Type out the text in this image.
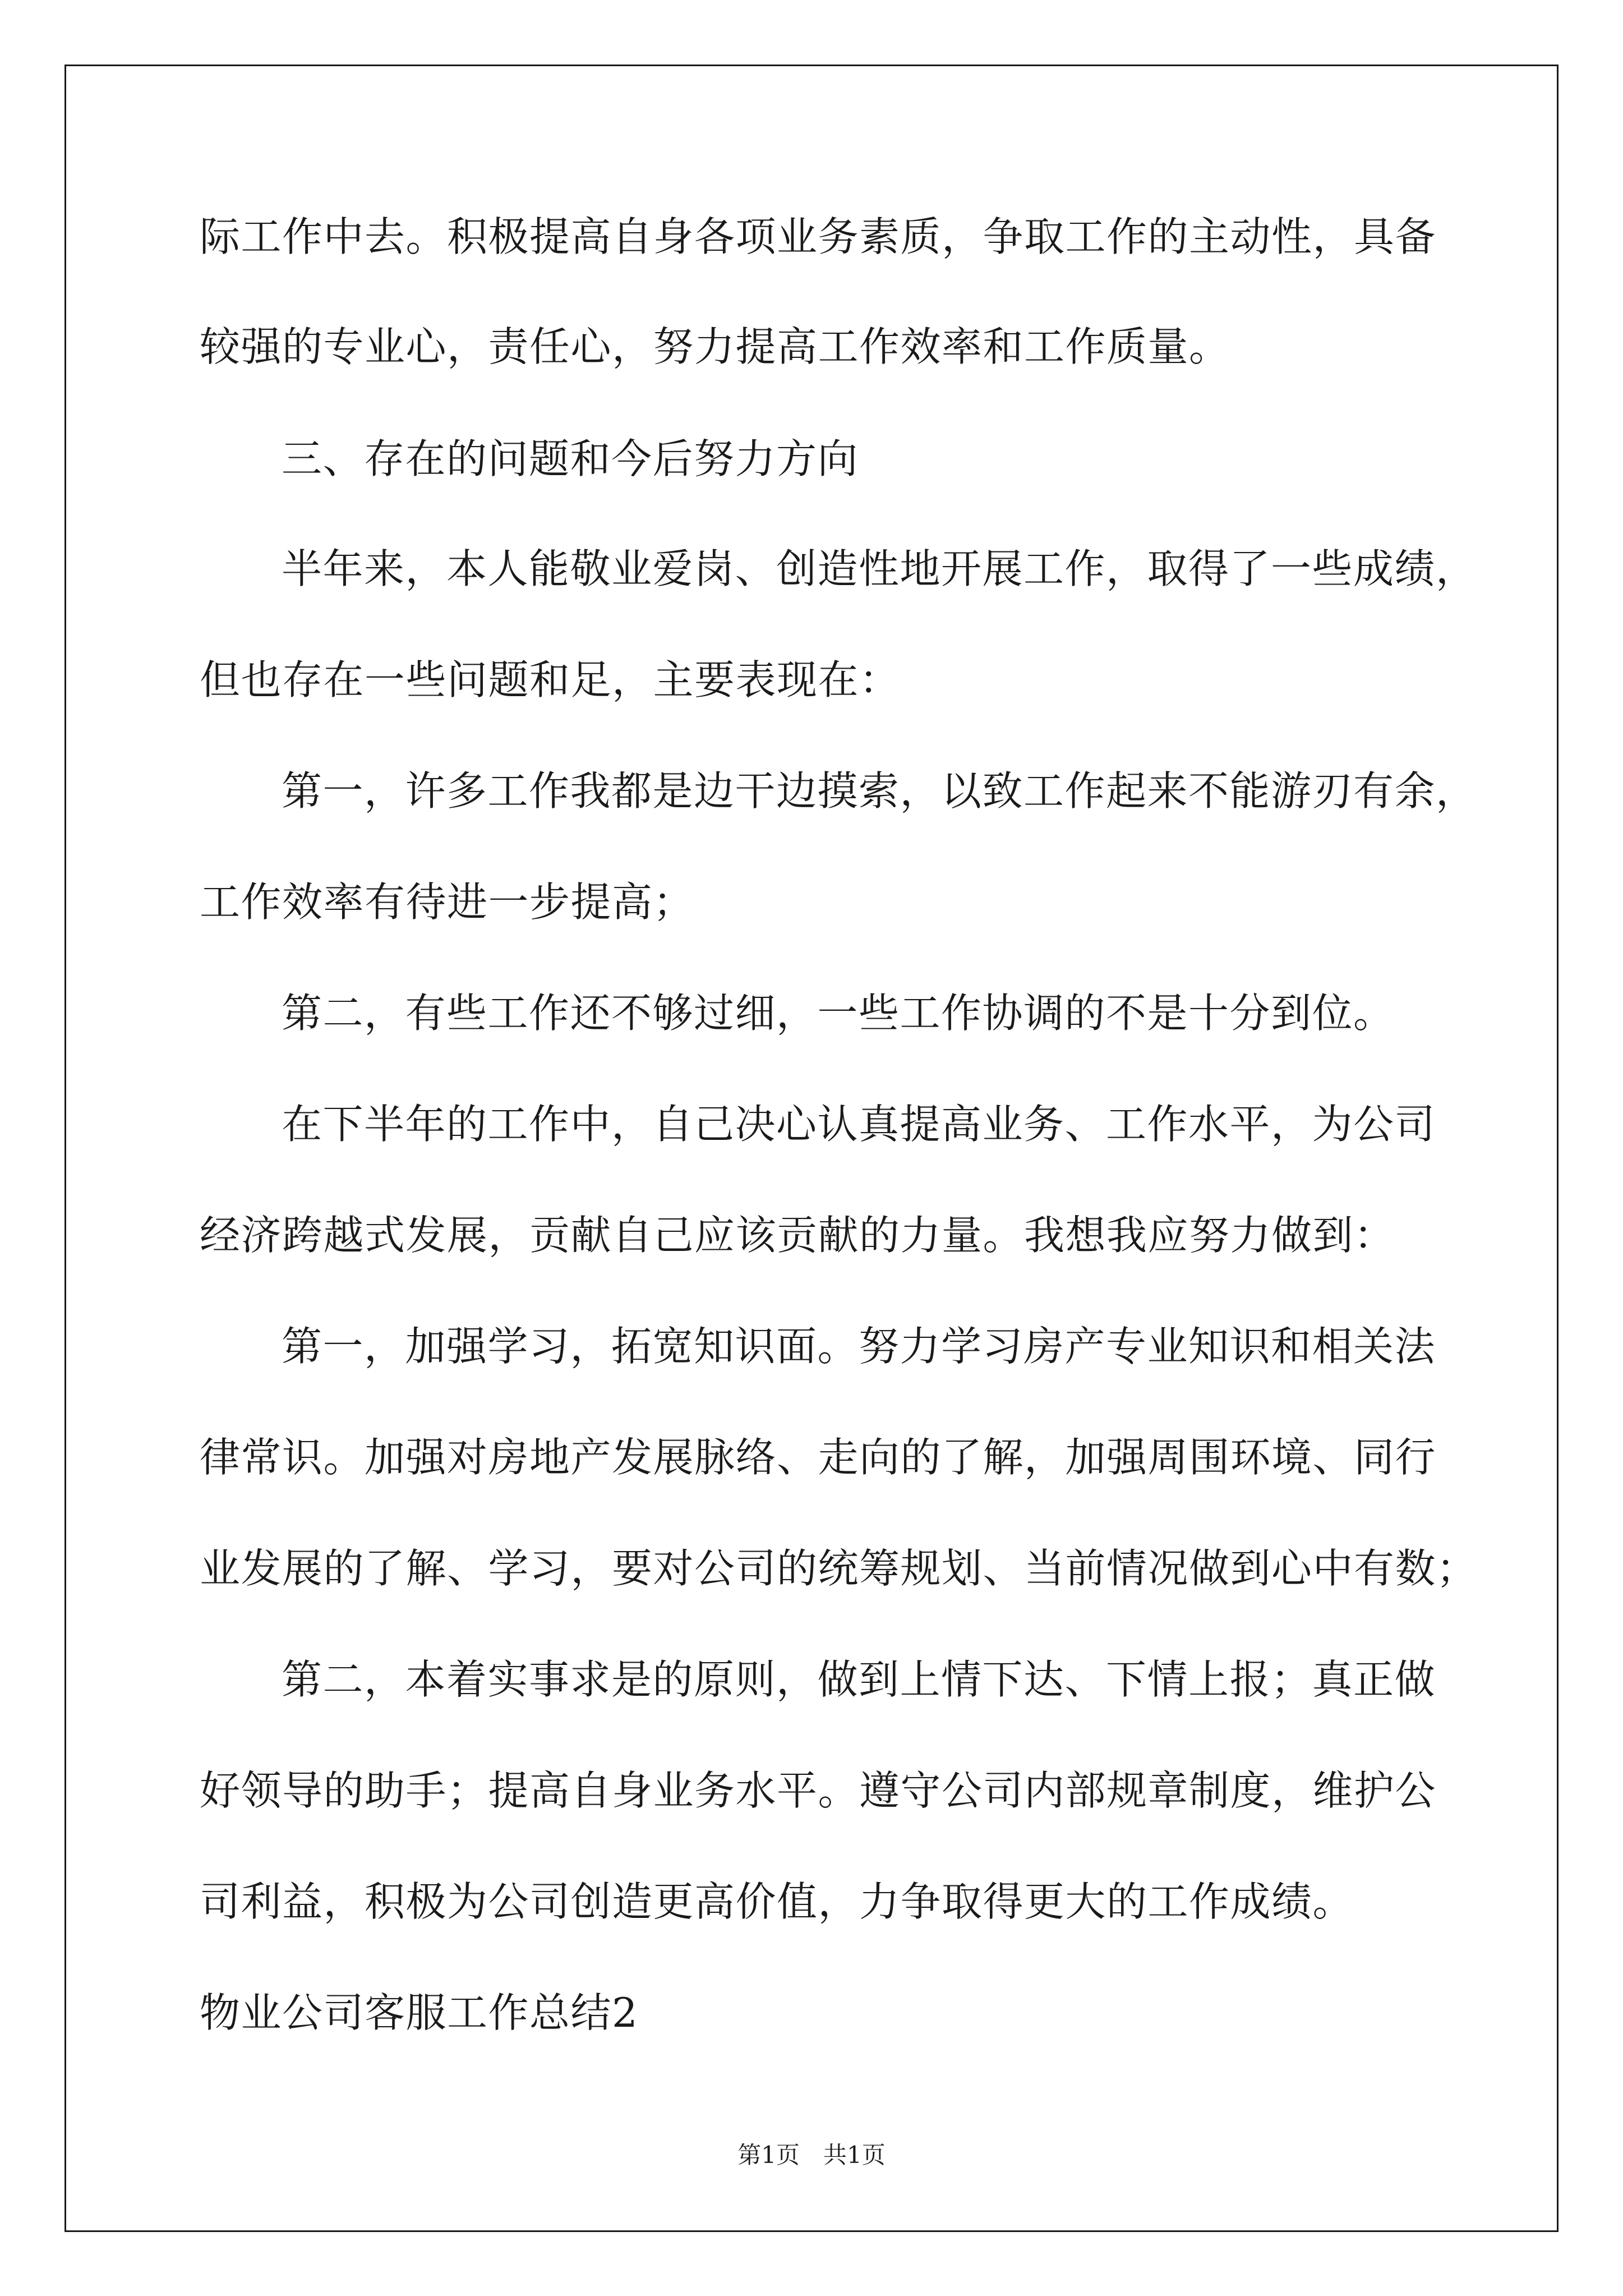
际工作中去。积极提高自身各项业务素质，争取工作的主动性，具备
较强的专业心，责任心，努力提高工作效率和工作质量。
三、存在的问题和今后努力方向
半年来，本人能敬业爱岗、创造性地开展工作，取得了一些成绩，
但也存在一些问题和足，主要表现在：
第一，许多工作我都是边干边摸索，以致工作起来不能游刃有余，
工作效率有待进一步提高；
第二，有些工作还不够过细，一些工作协调的不是十分到位。
在下半年的工作中，自己决心认真提高业务、工作水平，为公司
经济跨越式发展，贡献自己应该贡献的力量。我想我应努力做到：
第一，加强学习，拓宽知识面。努力学习房产专业知识和相关法
律常识。加强对房地产发展脉络、走向的了解，加强周围环境、同行
业发展的了解、学习，要对公司的统筹规划、当前情况做到心中有数；
第二，本着实事求是的原则，做到上情下达、下情上报；真正做
好领导的助手；提高自身业务水平。遵守公司内部规章制度，维护公
司利益，积极为公司创造更高价值，力争取得更大的工作成绩。
物业公司客服工作总结2
第1页　共1页
